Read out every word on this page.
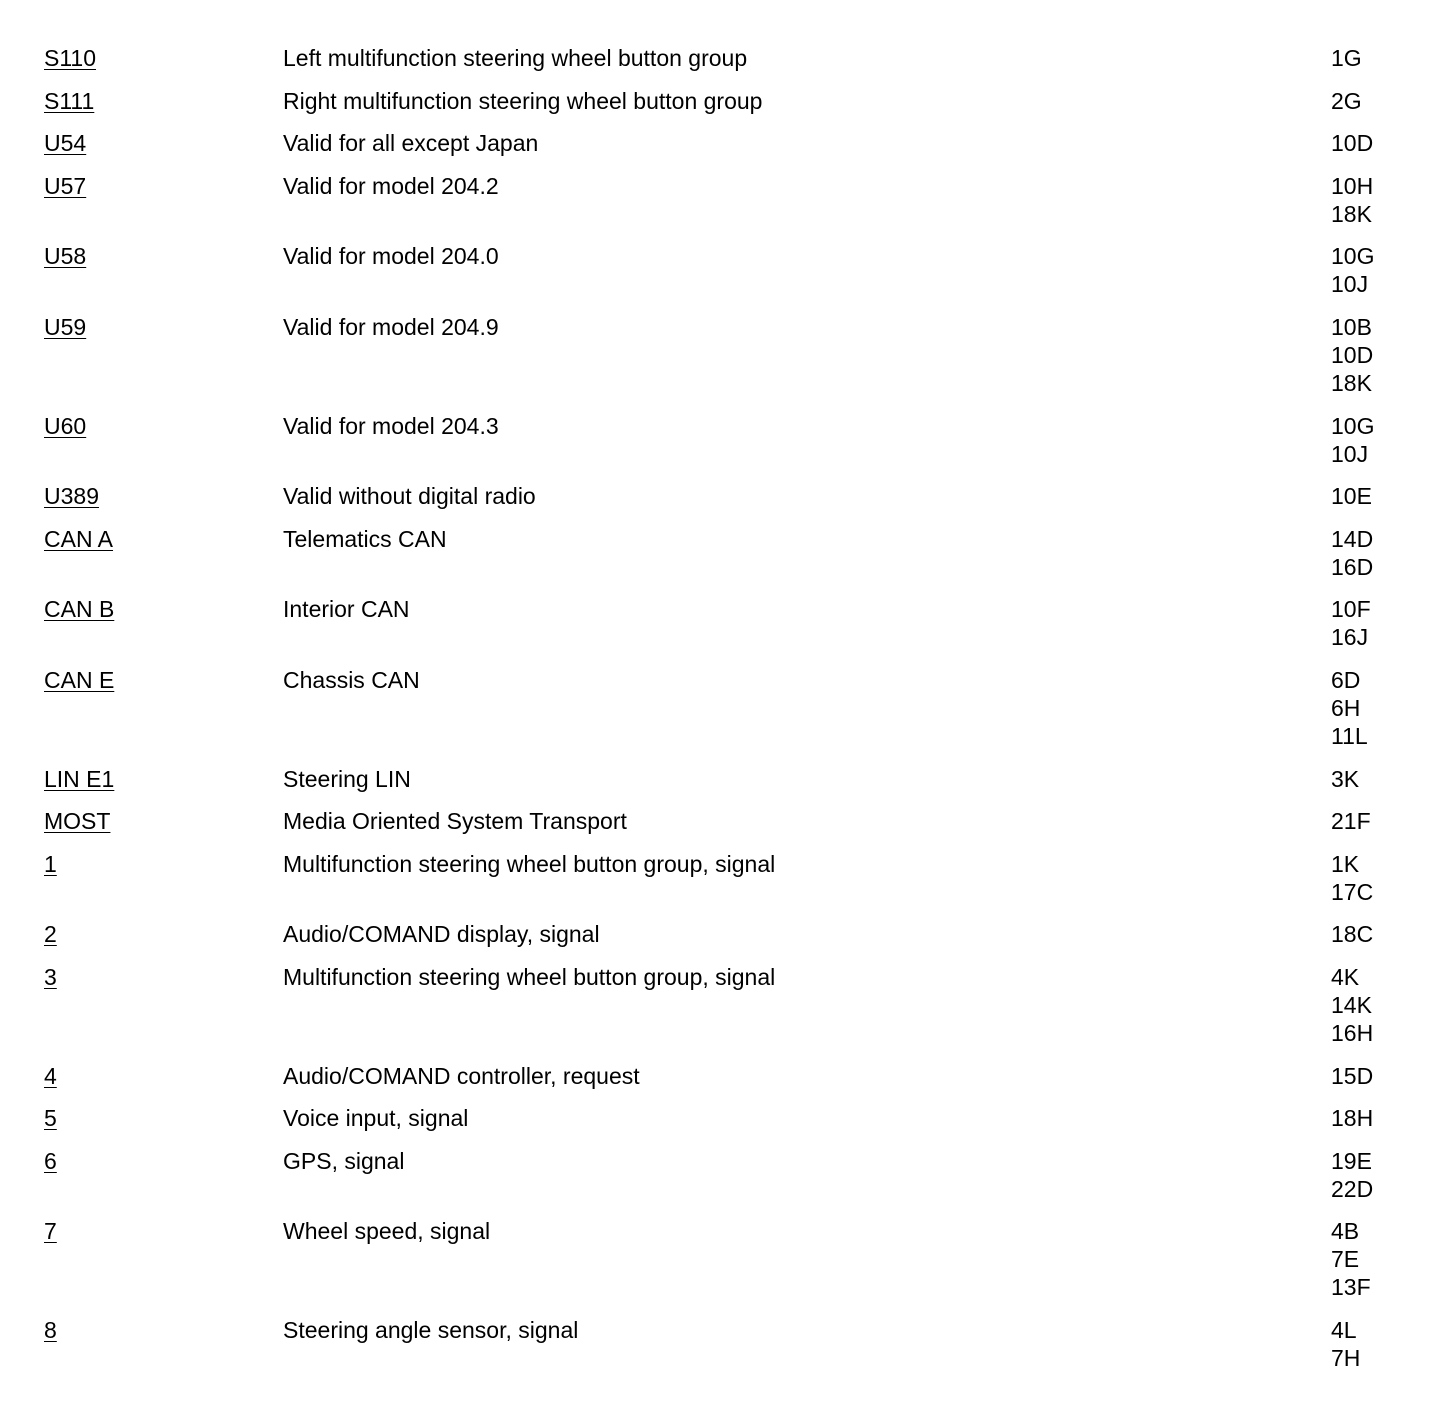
S110	Left multifunction steering wheel button group	1G
S111	Right multifunction steering wheel button group	2G
U54	Valid for all except Japan	10D
U57	Valid for model 204.2	10H
18K
U58	Valid for model 204.0	10G
10J
U59	Valid for model 204.9	10B
10D
18K
U60	Valid for model 204.3	10G
10J
U389	Valid without digital radio	10E
CAN A	Telematics CAN	14D
16D
CAN B	Interior CAN	10F
16J
CAN E	Chassis CAN	6D
6H
11L
LIN E1	Steering LIN	3K
MOST	Media Oriented System Transport	21F
1	Multifunction steering wheel button group, signal	1K
17C
2	Audio/COMAND display, signal	18C
3	Multifunction steering wheel button group, signal	4K
14K
16H
4	Audio/COMAND controller, request	15D
5	Voice input, signal	18H
6	GPS, signal	19E
22D
7	Wheel speed, signal	4B
7E
13F
8	Steering angle sensor, signal	4L
7H
